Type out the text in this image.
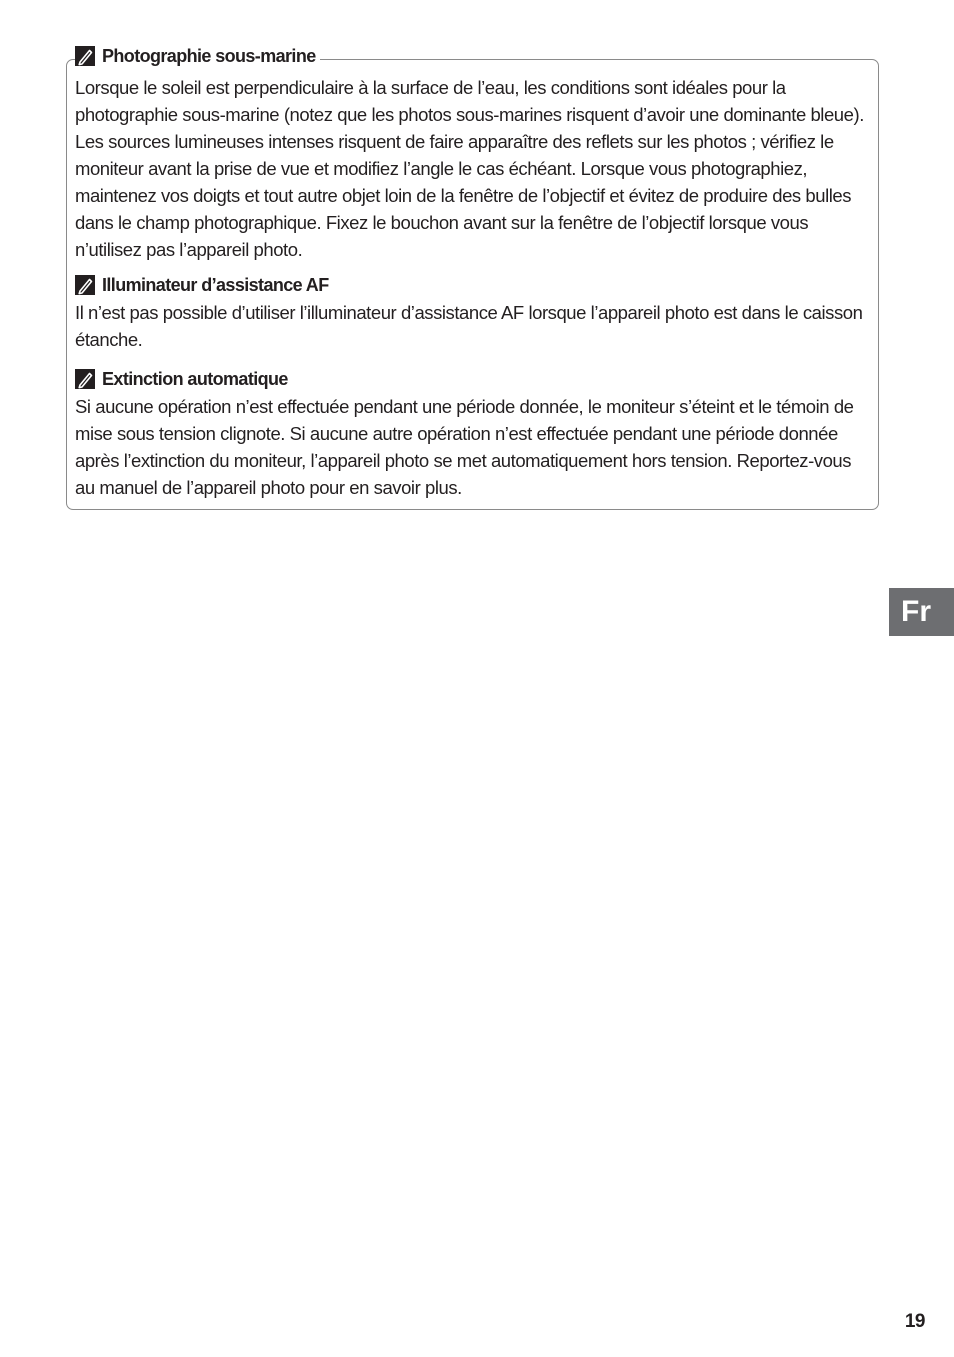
Photographie sous-marine

Lorsque le soleil est perpendiculaire à la surface de l’eau, les conditions sont idéales pour la photographie sous-marine (notez que les photos sous-marines risquent d’avoir une dominante bleue). Les sources lumineuses intenses risquent de faire apparaître des reflets sur les photos ; vérifiez le moniteur avant la prise de vue et modifiez l’angle le cas échéant. Lorsque vous photographiez, maintenez vos doigts et tout autre objet loin de la fenêtre de l’objectif et évitez de produire des bulles dans le champ photographique. Fixez le bouchon avant sur la fenêtre de l’objectif lorsque vous n’utilisez pas l’appareil photo.

Illuminateur d’assistance AF

Il n’est pas possible d’utiliser l’illuminateur d’assistance AF lorsque l’appareil photo est dans le caisson étanche.

Extinction automatique

Si aucune opération n’est effectuée pendant une période donnée, le moniteur s’éteint et le témoin de mise sous tension clignote. Si aucune autre opération n’est effectuée pendant une période donnée après l’extinction du moniteur, l’appareil photo se met automatiquement hors tension. Reportez-vous au manuel de l’appareil photo pour en savoir plus.

Fr
19
